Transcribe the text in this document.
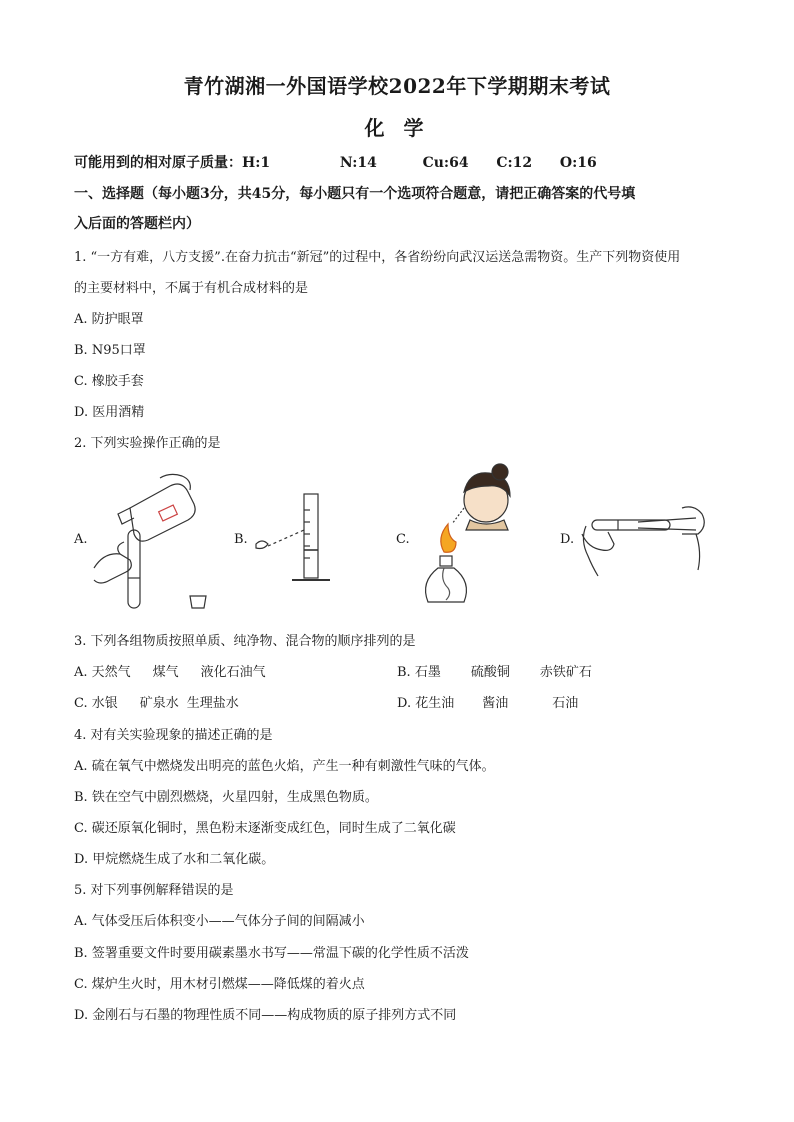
青竹湖湘一外国语学校2022年下学期期末考试
化 学
可能用到的相对原子质量：H:1	N:14	Cu:64 C:12 O:16
一、选择题（每小题3分，共45分，每小题只有一个选项符合题意，请把正确答案的代号填
入后面的答题栏内）
1. “一方有难，八方支援”.在奋力抗击“新冠”的过程中，各省纷纷向武汉运送急需物资。生产下列物资使用
的主要材料中，不属于有机合成材料的是
A. 防护眼罩
B. N95口罩
C. 橡胶手套
D. 医用酒精
2. 下列实验操作正确的是
A.	B.	C.	D.
3. 下列各组物质按照单质、纯净物、混合物的顺序排列的是
A. 天然气 煤气 液化石油气	B. 石墨 硫酸铜 赤铁矿石
C. 水银 矿泉水 生理盐水	D. 花生油 酱油	石油
4. 对有关实验现象的描述正确的是
A. 硫在氧气中燃烧发出明亮的蓝色火焰，产生一种有刺激性气味的气体。
B. 铁在空气中剧烈燃烧，火星四射，生成黑色物质。
C. 碳还原氧化铜时，黑色粉末逐渐变成红色，同时生成了二氧化碳
D. 甲烷燃烧生成了水和二氧化碳。
5. 对下列事例解释错误的是
A. 气体受压后体积变小——气体分子间的间隔减小
B. 签署重要文件时要用碳素墨水书写——常温下碳的化学性质不活泼
C. 煤炉生火时，用木材引燃煤——降低煤的着火点
D. 金刚石与石墨的物理性质不同——构成物质的原子排列方式不同
